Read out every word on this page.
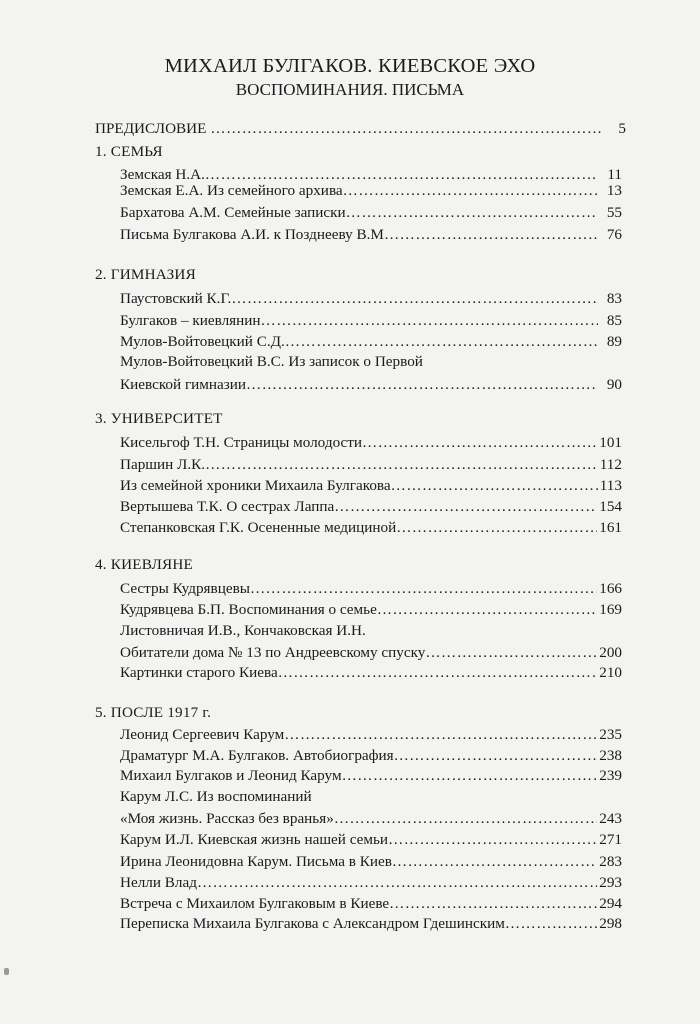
МИХАИЛ БУЛГАКОВ. КИЕВСКОЕ ЭХО
ВОСПОМИНАНИЯ. ПИСЬМА
ПРЕДИСЛОВИЕ ……………………………………………………………………………………………………………………………………………………………	5
1. СЕМЬЯ
Земская Н.А. ……………………………………………………………………………………………………………………………………………………………	11
Земская Е.А. Из семейного архива ……………………………………………………………………………………………………………………………………………………………	13
Бархатова А.М. Семейные записки ……………………………………………………………………………………………………………………………………………………………	55
Письма Булгакова А.И. к Позднееву В.М ……………………………………………………………………………………………………………………………………………………………	76
2. ГИМНАЗИЯ
Паустовский К.Г. ……………………………………………………………………………………………………………………………………………………………	83
Булгаков – киевлянин ……………………………………………………………………………………………………………………………………………………………	85
Мулов-Войтовецкий С.Д. ……………………………………………………………………………………………………………………………………………………………	89
Мулов-Войтовецкий В.С. Из записок о Первой
Киевской гимназии ……………………………………………………………………………………………………………………………………………………………	90
3. УНИВЕРСИТЕТ
Кисельгоф Т.Н. Страницы молодости ……………………………………………………………………………………………………………………………………………………………	101
Паршин Л.К. ……………………………………………………………………………………………………………………………………………………………	112
Из семейной хроники Михаила Булгакова ……………………………………………………………………………………………………………………………………………………………	113
Вертышева Т.К. О сестрах Лаппа ……………………………………………………………………………………………………………………………………………………………	154
Степанковская Г.К. Осененные медициной ……………………………………………………………………………………………………………………………………………………………	161
4. КИЕВЛЯНЕ
Сестры Кудрявцевы ……………………………………………………………………………………………………………………………………………………………	166
Кудрявцева Б.П. Воспоминания о семье ……………………………………………………………………………………………………………………………………………………………	169
Листовничая И.В., Кончаковская И.Н.
Обитатели дома № 13 по Андреевскому спуску ……………………………………………………………………………………………………………………………………………………………	200
Картинки старого Киева ……………………………………………………………………………………………………………………………………………………………	210
5. ПОСЛЕ 1917 г.
Леонид Сергеевич Карум ……………………………………………………………………………………………………………………………………………………………	235
Драматург М.А. Булгаков. Автобиография ……………………………………………………………………………………………………………………………………………………………	238
Михаил Булгаков и Леонид Карум ……………………………………………………………………………………………………………………………………………………………	239
Карум Л.С. Из воспоминаний
«Моя жизнь. Рассказ без вранья» ……………………………………………………………………………………………………………………………………………………………	243
Карум И.Л. Киевская жизнь нашей семьи ……………………………………………………………………………………………………………………………………………………………	271
Ирина Леонидовна Карум. Письма в Киев ……………………………………………………………………………………………………………………………………………………………	283
Нелли Влад ……………………………………………………………………………………………………………………………………………………………	293
Встреча с Михаилом Булгаковым в Киеве ……………………………………………………………………………………………………………………………………………………………	294
Переписка Михаила Булгакова с Александром Гдешинским ……………………………………………………………………………………………………………………………………………………………	298
